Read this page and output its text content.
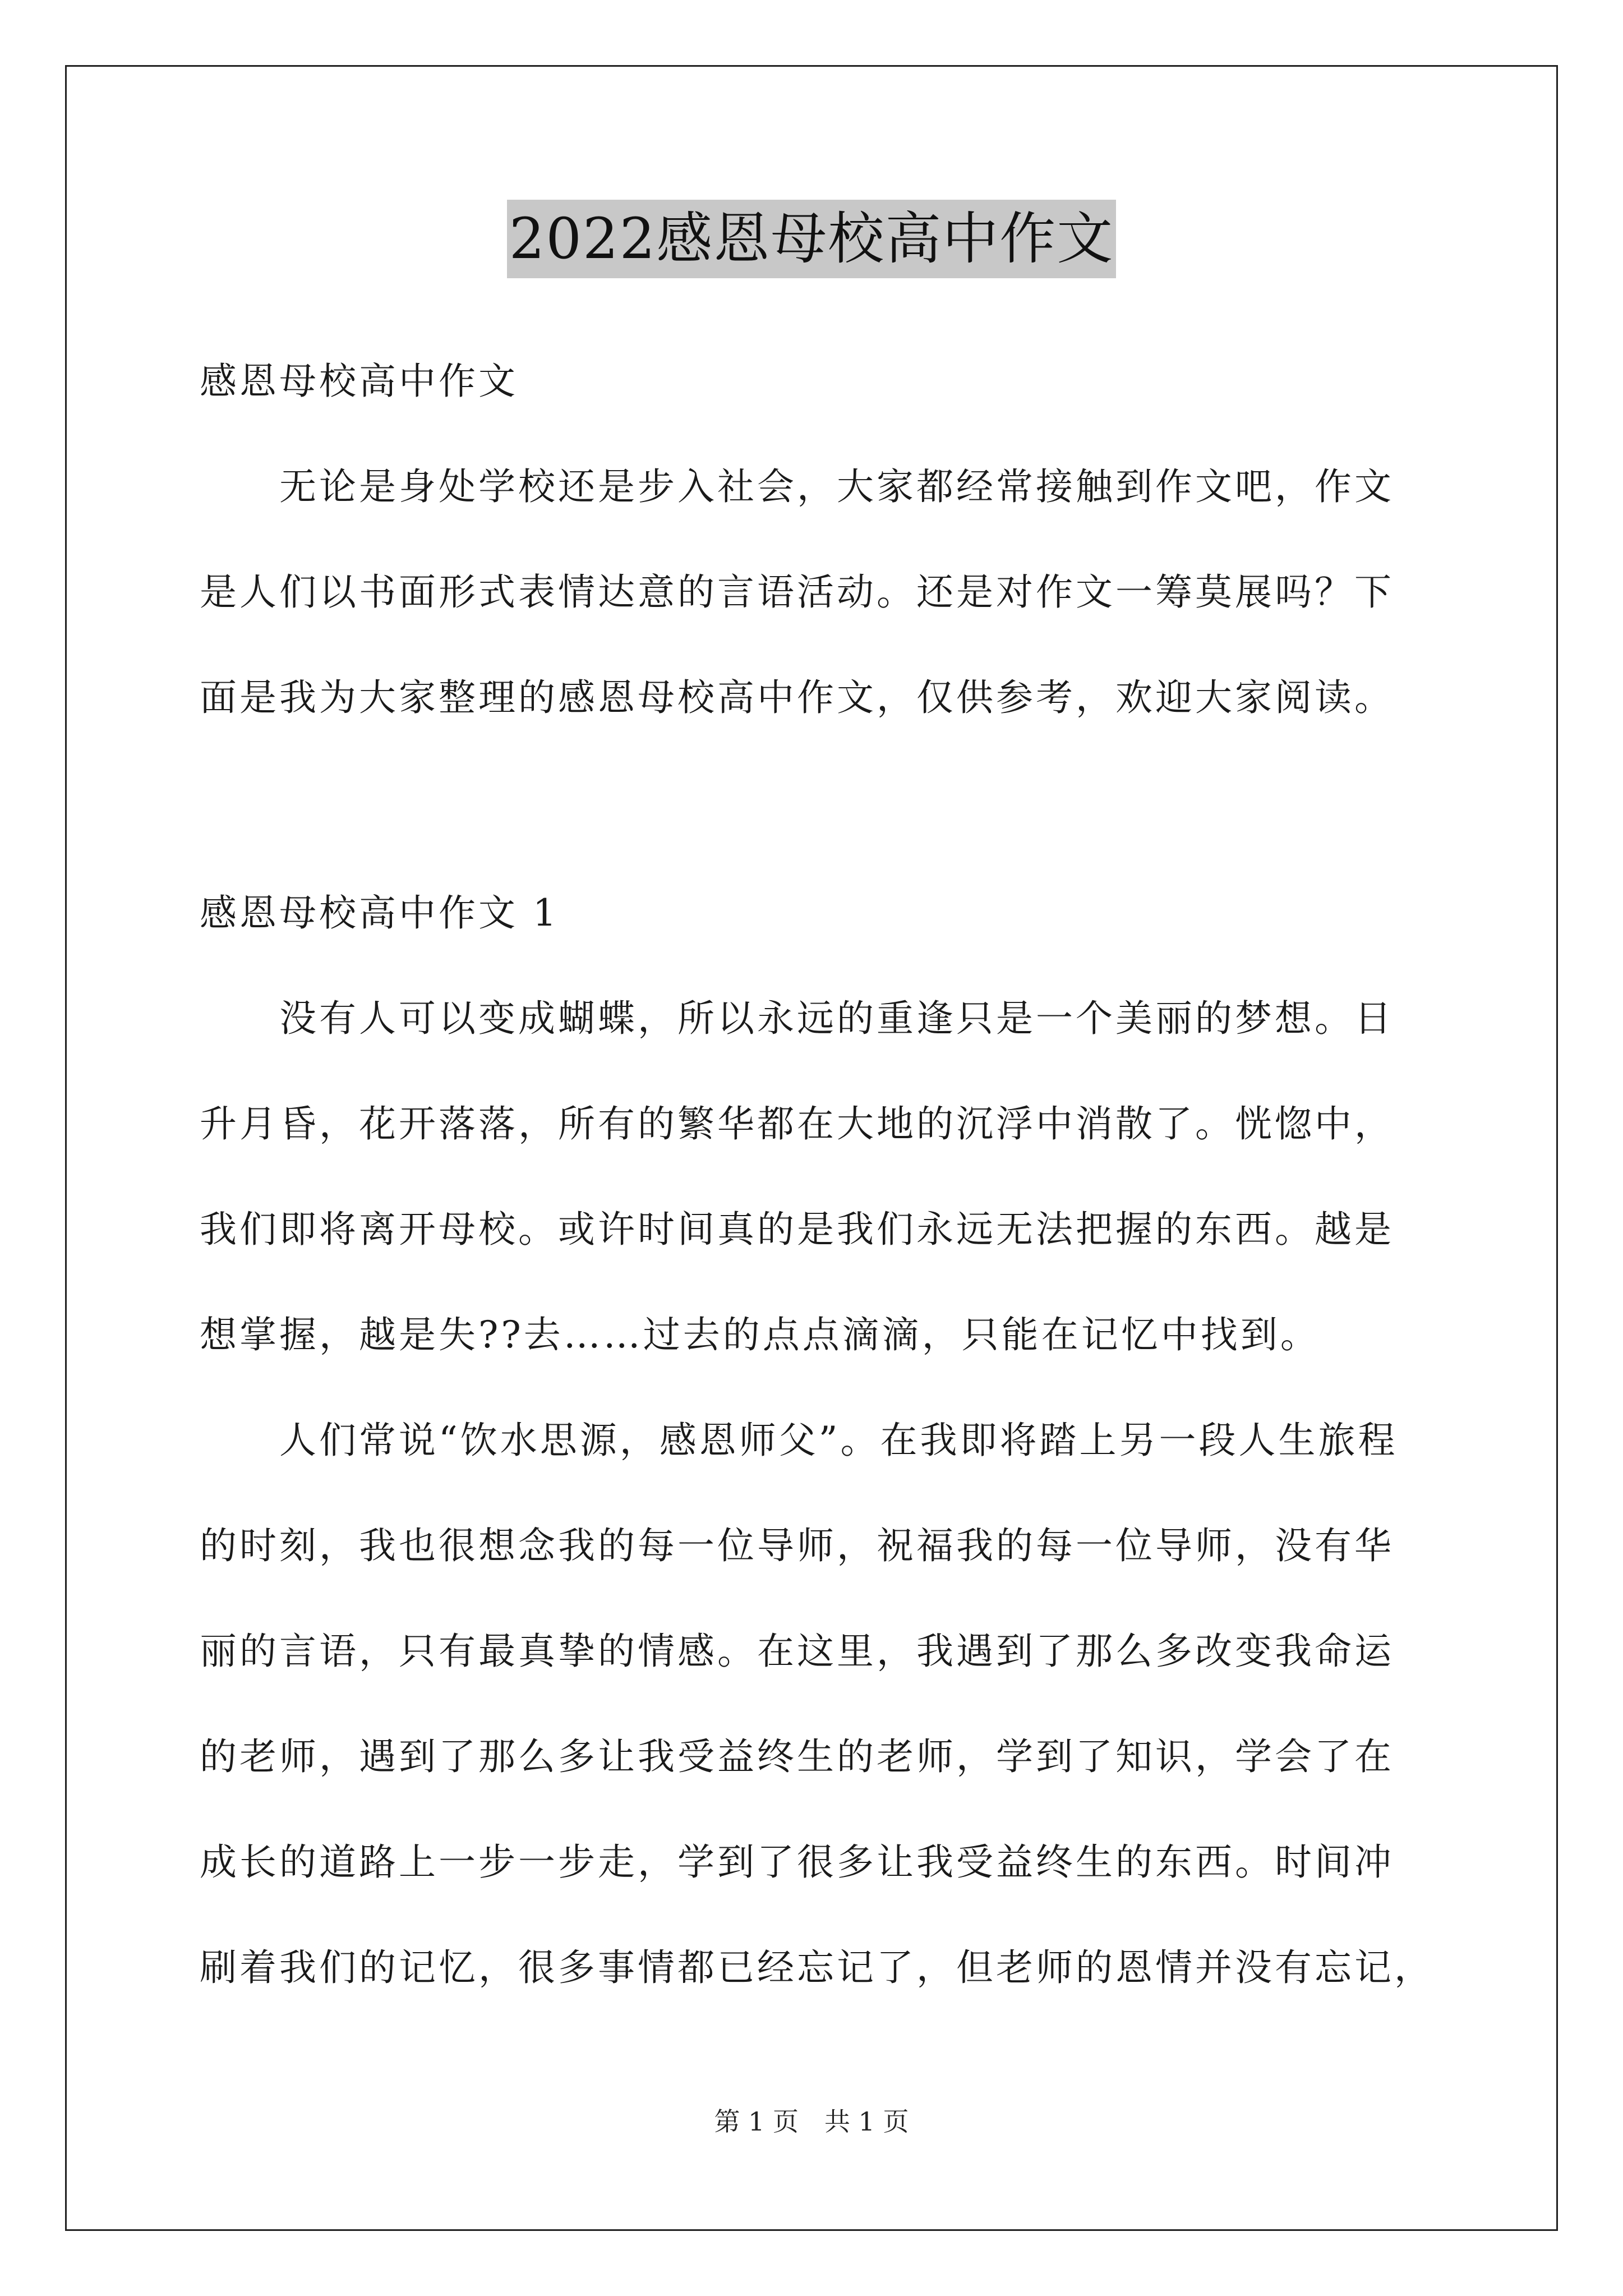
2022感恩母校高中作文
感恩母校高中作文
　　无论是身处学校还是步入社会，大家都经常接触到作文吧，作文
是人们以书面形式表情达意的言语活动。还是对作文一筹莫展吗？下
面是我为大家整理的感恩母校高中作文，仅供参考，欢迎大家阅读。
感恩母校高中作文 1
　　没有人可以变成蝴蝶，所以永远的重逢只是一个美丽的梦想。日
升月昏，花开落落，所有的繁华都在大地的沉浮中消散了。恍惚中，
我们即将离开母校。或许时间真的是我们永远无法把握的东西。越是
想掌握，越是失??去……过去的点点滴滴，只能在记忆中找到。
　　人们常说“饮水思源，感恩师父”。在我即将踏上另一段人生旅程
的时刻，我也很想念我的每一位导师，祝福我的每一位导师，没有华
丽的言语，只有最真挚的情感。在这里，我遇到了那么多改变我命运
的老师，遇到了那么多让我受益终生的老师，学到了知识，学会了在
成长的道路上一步一步走，学到了很多让我受益终生的东西。时间冲
刷着我们的记忆，很多事情都已经忘记了，但老师的恩情并没有忘记，
第 1 页　共 1 页
